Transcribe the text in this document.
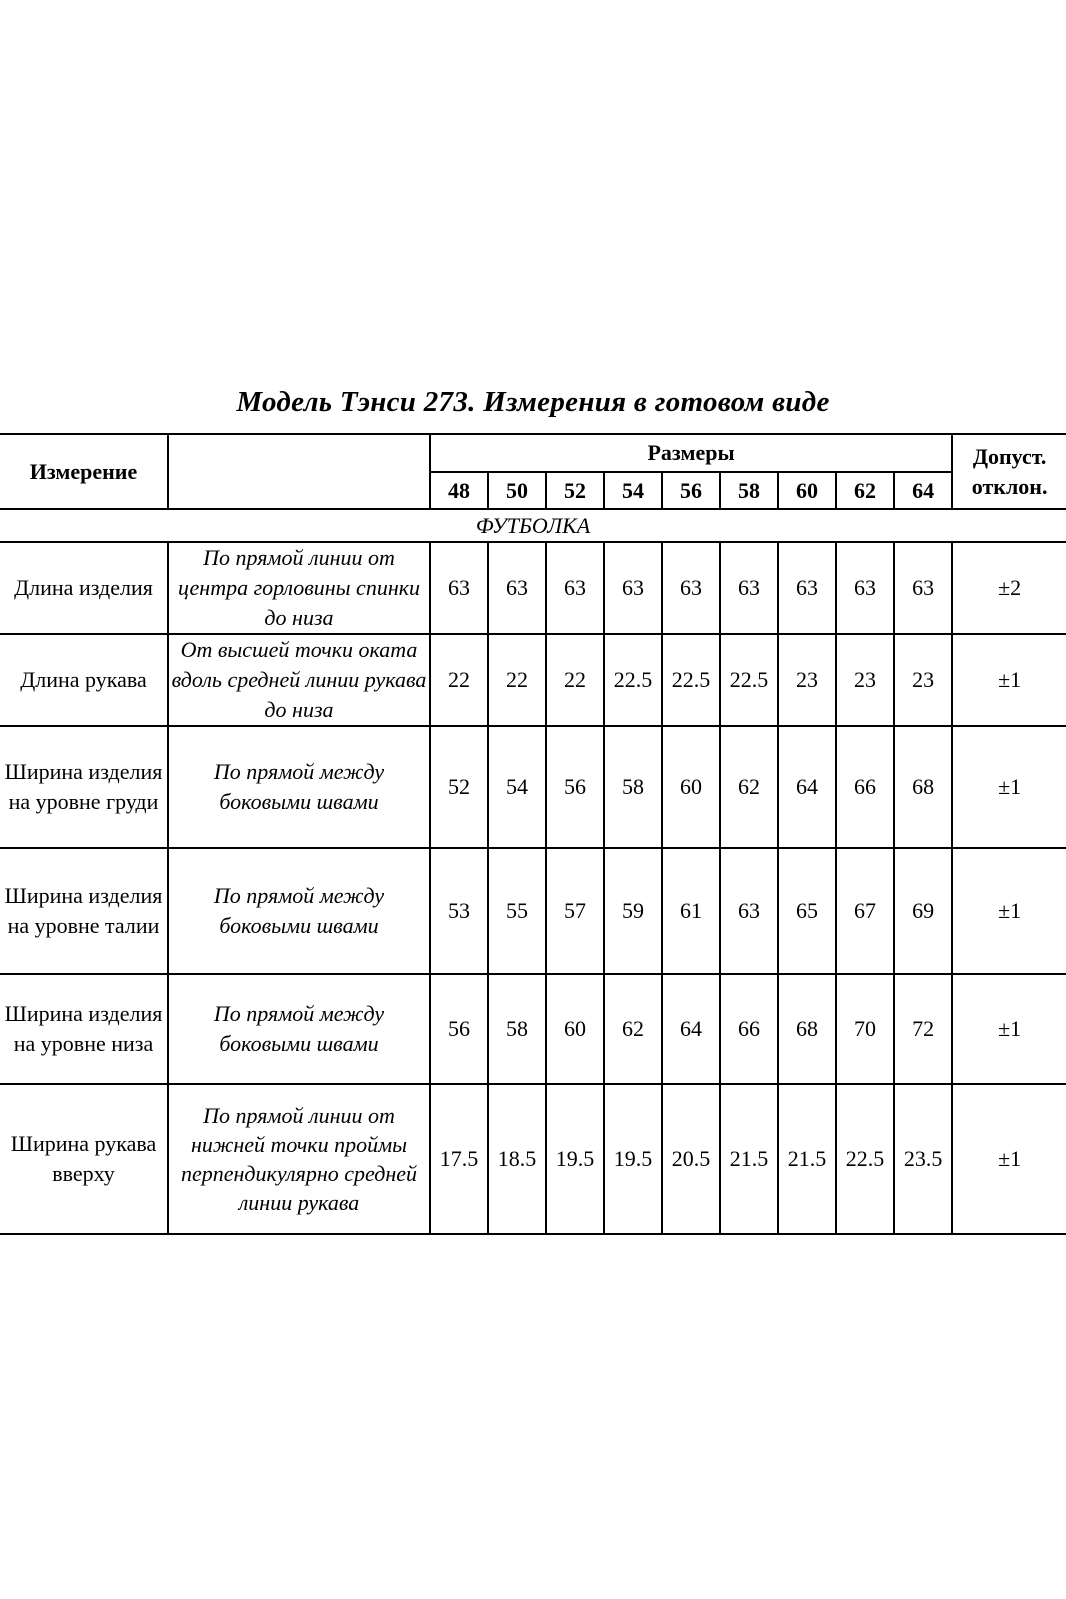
Модель Тэнси 273. Измерения в готовом виде
Измерение		Размеры									Допуст.
отклон.
		48	50	52	54	56	58	60	62	64	
ФУТБОЛКА											
Длина изделия	По прямой линии от центра горловины спинки до низа	63	63	63	63	63	63	63	63	63	±2
Длина рукава	От высшей точки оката вдоль средней линии рукава до низа	22	22	22	22.5	22.5	22.5	23	23	23	±1
Ширина изделия на уровне груди	По прямой между боковыми швами	52	54	56	58	60	62	64	66	68	±1
Ширина изделия на уровне талии	По прямой между боковыми швами	53	55	57	59	61	63	65	67	69	±1
Ширина изделия на уровне низа	По прямой между боковыми швами	56	58	60	62	64	66	68	70	72	±1
Ширина рукава вверху	По прямой линии от нижней точки проймы перпендикулярно средней линии рукава	17.5	18.5	19.5	19.5	20.5	21.5	21.5	22.5	23.5	±1
